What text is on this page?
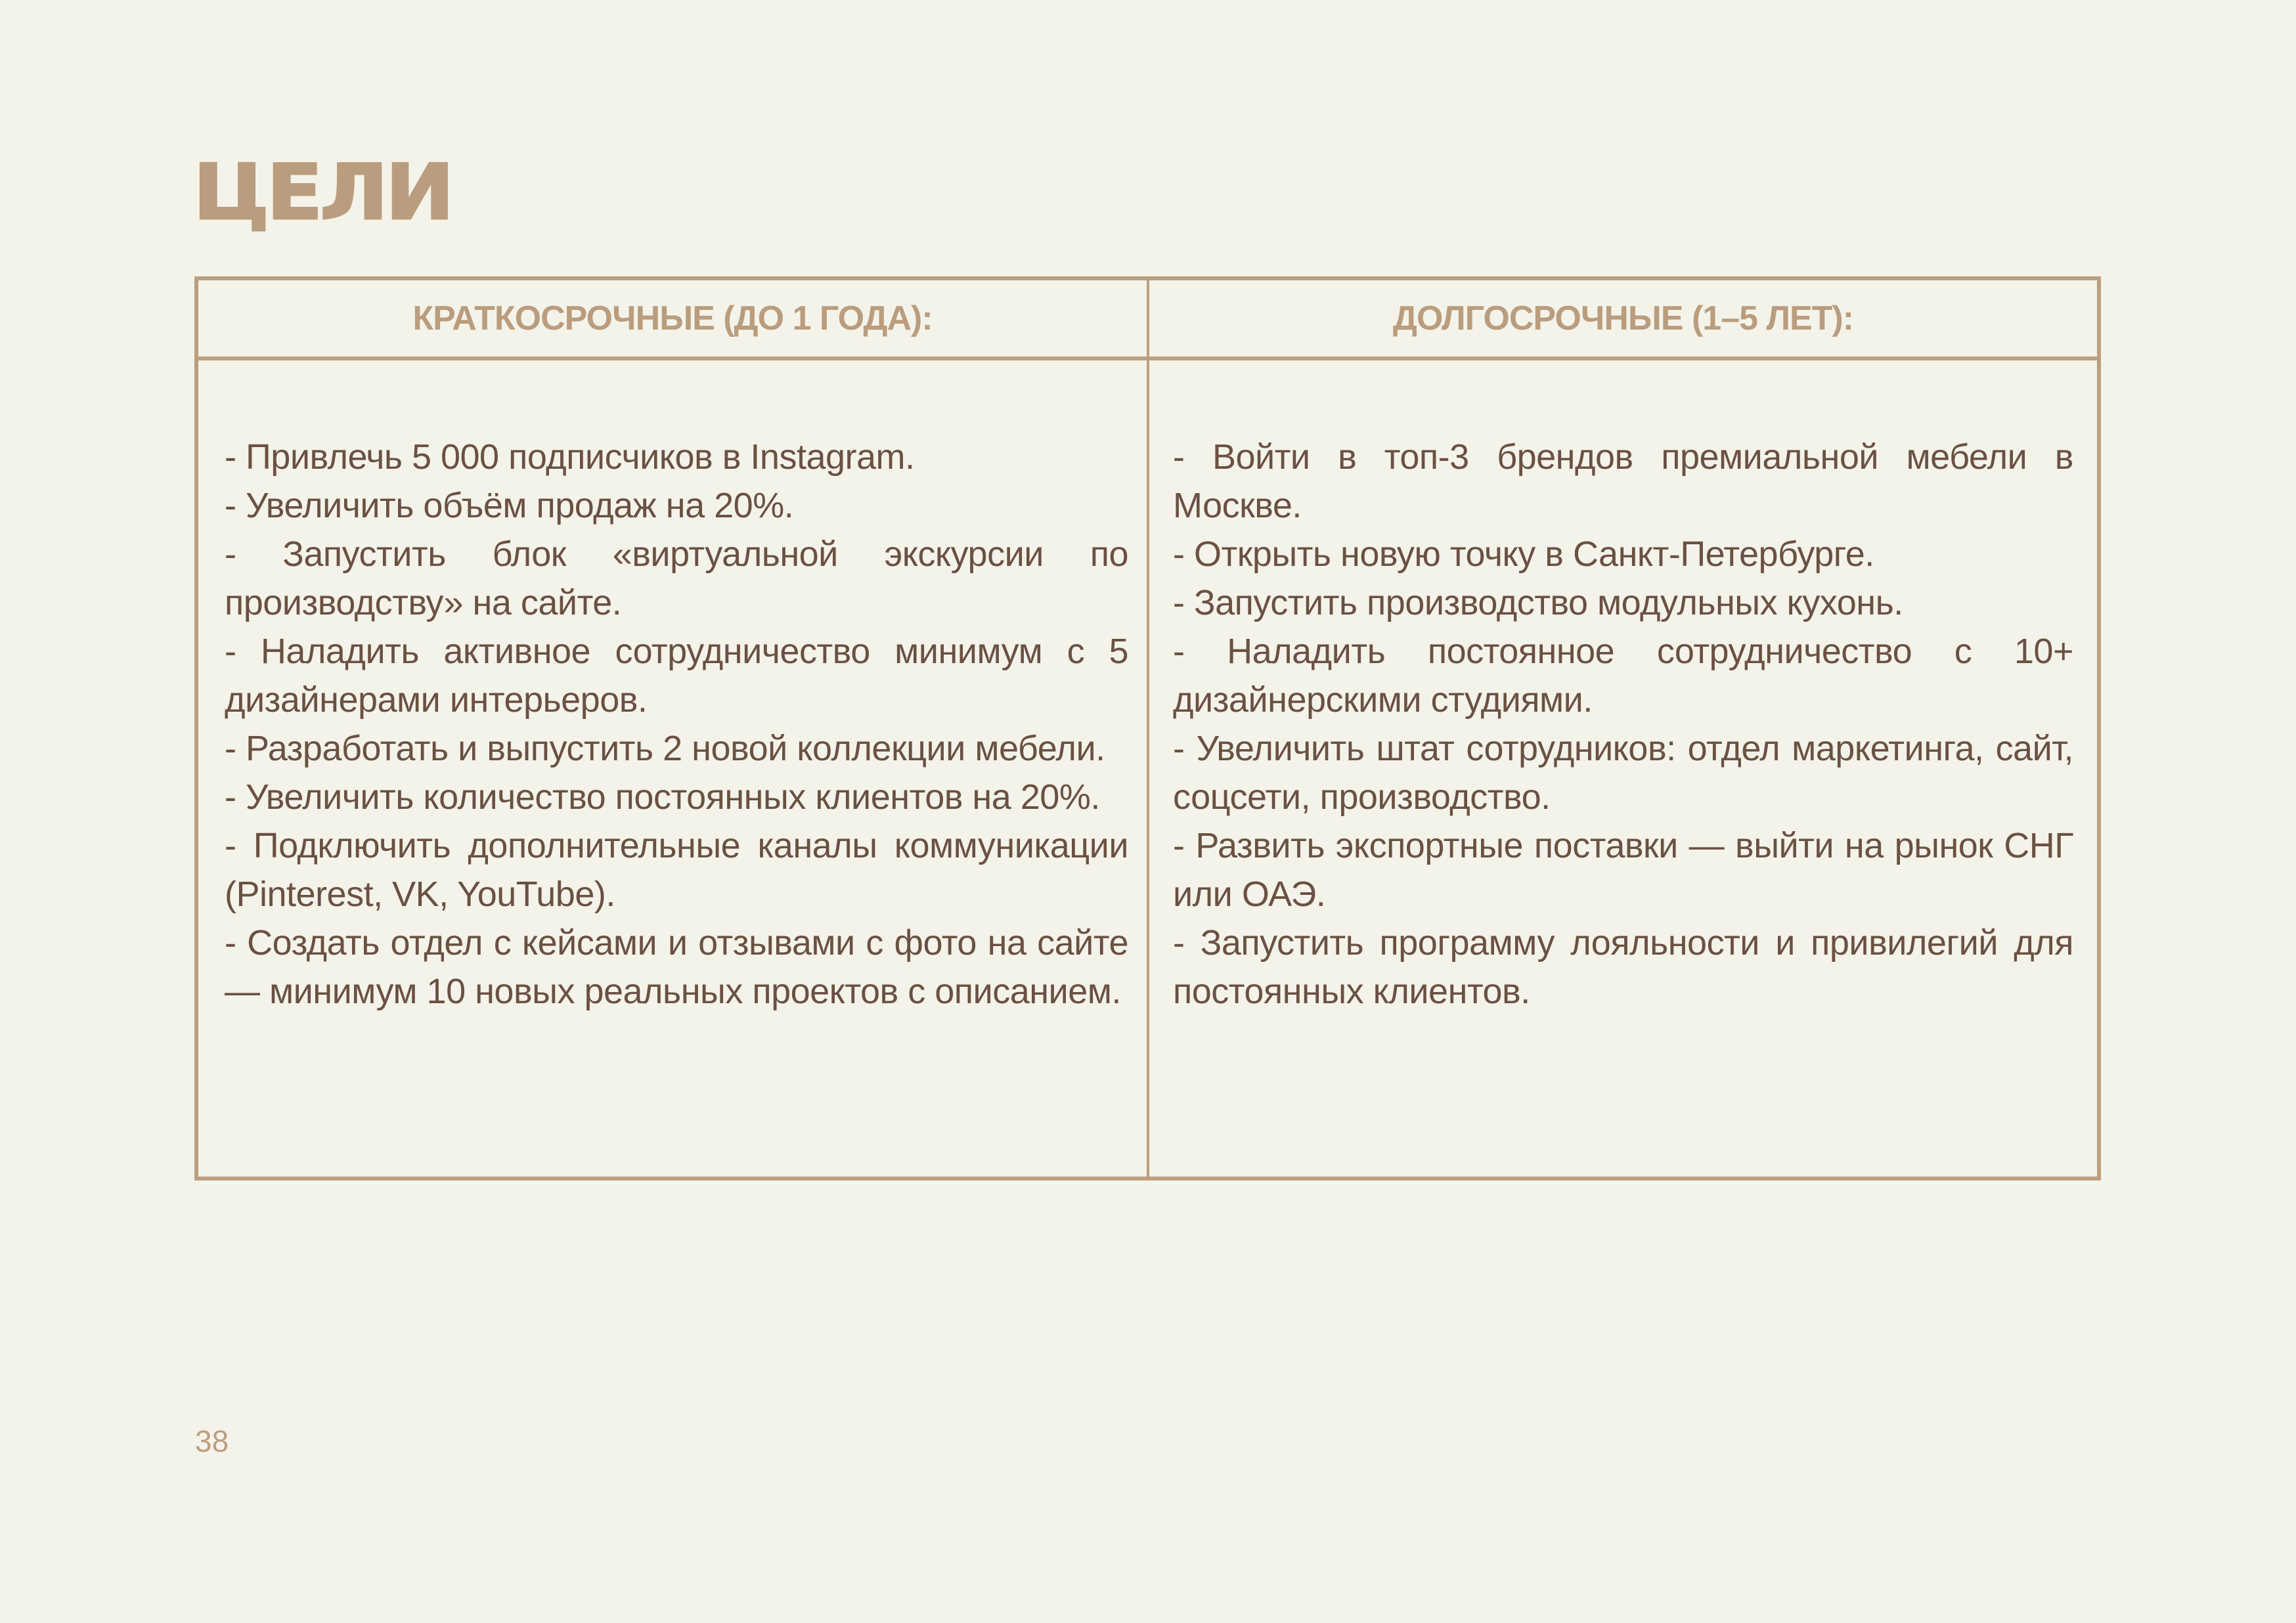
ЦЕЛИ
КРАТКОСРОЧНЫЕ (ДО 1 ГОДА):	ДОЛГОСРОЧНЫЕ (1–5 ЛЕТ):

- Привлечь 5 000 подписчиков в Instagram.

- Увеличить объём продаж на 20%.

- Запустить блок «виртуальной экскурсии по производству» на сайте.

- Наладить активное сотрудничество минимум с 5 дизайнерами интерьеров.

- Разработать и выпустить 2 новой коллекции мебели.

- Увеличить количество постоянных клиентов на 20%.

- Подключить дополнительные каналы коммуникации (Pinterest, VK, YouTube).

- Создать отдел с кейсами и отзывами с фото на сайте — минимум 10 новых реальных проектов с описанием.

- Войти в топ-3 брендов премиальной мебели в Москве.

- Открыть новую точку в Санкт-Петербурге.

- Запустить производство модульных кухонь.

- Наладить постоянное сотрудничество с 10+ дизайнерскими студиями.

- Увеличить штат сотрудников: отдел маркетинга, сайт, соцсети, производство.

- Развить экспортные поставки — выйти на рынок СНГ или ОАЭ.

- Запустить программу лояльности и привилегий для постоянных клиентов.

38
